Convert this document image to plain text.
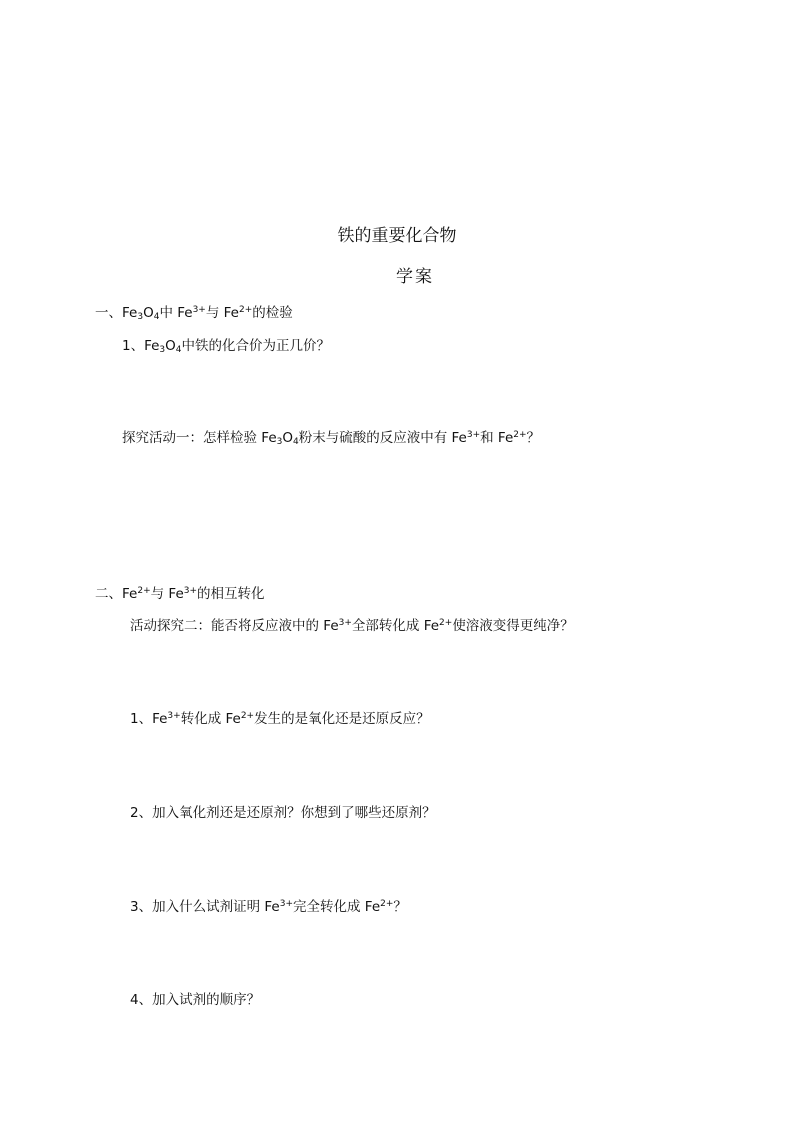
铁的重要化合物
学案
一、$Fe_3O_4$中 $Fe^{3+}$与 $Fe^{2+}$的检验
1、$Fe_3O_4$中铁的化合价为正几价？
探究活动一：怎样检验 $Fe_3O_4$粉末与硫酸的反应液中有 $Fe^{3+}$和 $Fe^{2+}$？
二、$Fe^{2+}$与 $Fe^{3+}$的相互转化
活动探究二：能否将反应液中的 $Fe^{3+}$全部转化成 $Fe^{2+}$使溶液变得更纯净？
1、$Fe^{3+}$转化成 $Fe^{2+}$发生的是氧化还是还原反应？
2、加入氧化剂还是还原剂？你想到了哪些还原剂？
3、加入什么试剂证明 $Fe^{3+}$完全转化成 $Fe^{2+}$？
4、加入试剂的顺序？
